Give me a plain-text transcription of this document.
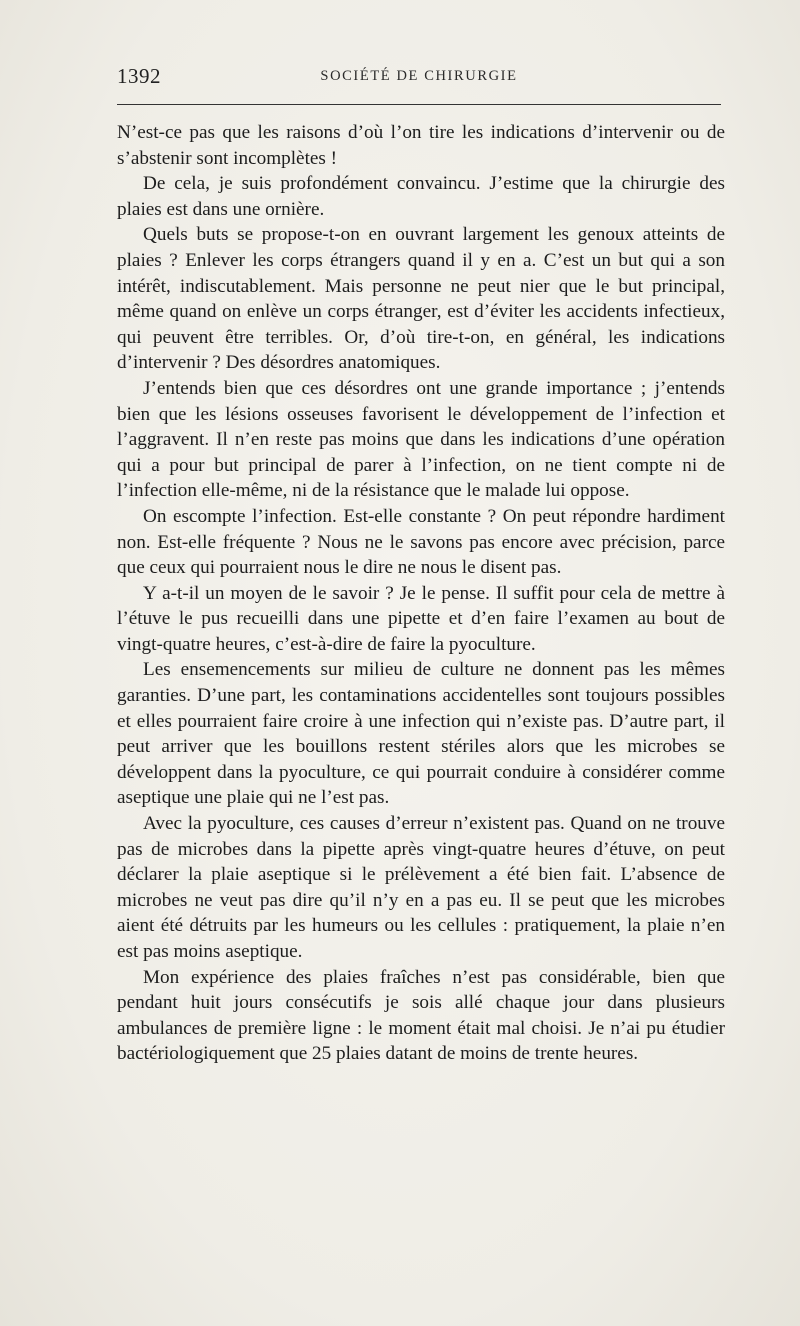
1392	SOCIÉTÉ DE CHIRURGIE

N’est-ce pas que les raisons d’où l’on tire les indications d’intervenir ou de s’abstenir sont incomplètes !

De cela, je suis profondément convaincu. J’estime que la chirurgie des plaies est dans une ornière.

Quels buts se propose-t-on en ouvrant largement les genoux atteints de plaies ? Enlever les corps étrangers quand il y en a. C’est un but qui a son intérêt, indiscutablement. Mais personne ne peut nier que le but principal, même quand on enlève un corps étranger, est d’éviter les accidents infectieux, qui peuvent être terribles. Or, d’où tire-t-on, en général, les indications d’intervenir ? Des désordres anatomiques.

J’entends bien que ces désordres ont une grande importance ; j’entends bien que les lésions osseuses favorisent le développement de l’infection et l’aggravent. Il n’en reste pas moins que dans les indications d’une opération qui a pour but principal de parer à l’infection, on ne tient compte ni de l’infection elle-même, ni de la résistance que le malade lui oppose.

On escompte l’infection. Est-elle constante ? On peut répondre hardiment non. Est-elle fréquente ? Nous ne le savons pas encore avec précision, parce que ceux qui pourraient nous le dire ne nous le disent pas.

Y a-t-il un moyen de le savoir ? Je le pense. Il suffit pour cela de mettre à l’étuve le pus recueilli dans une pipette et d’en faire l’examen au bout de vingt-quatre heures, c’est-à-dire de faire la pyoculture.

Les ensemencements sur milieu de culture ne donnent pas les mêmes garanties. D’une part, les contaminations accidentelles sont toujours possibles et elles pourraient faire croire à une infection qui n’existe pas. D’autre part, il peut arriver que les bouillons restent stériles alors que les microbes se développent dans la pyoculture, ce qui pourrait conduire à considérer comme aseptique une plaie qui ne l’est pas.

Avec la pyoculture, ces causes d’erreur n’existent pas. Quand on ne trouve pas de microbes dans la pipette après vingt-quatre heures d’étuve, on peut déclarer la plaie aseptique si le prélèvement a été bien fait. L’absence de microbes ne veut pas dire qu’il n’y en a pas eu. Il se peut que les microbes aient été détruits par les humeurs ou les cellules : pratiquement, la plaie n’en est pas moins aseptique.

Mon expérience des plaies fraîches n’est pas considérable, bien que pendant huit jours consécutifs je sois allé chaque jour dans plusieurs ambulances de première ligne : le moment était mal choisi. Je n’ai pu étudier bactériologiquement que 25 plaies datant de moins de trente heures.
